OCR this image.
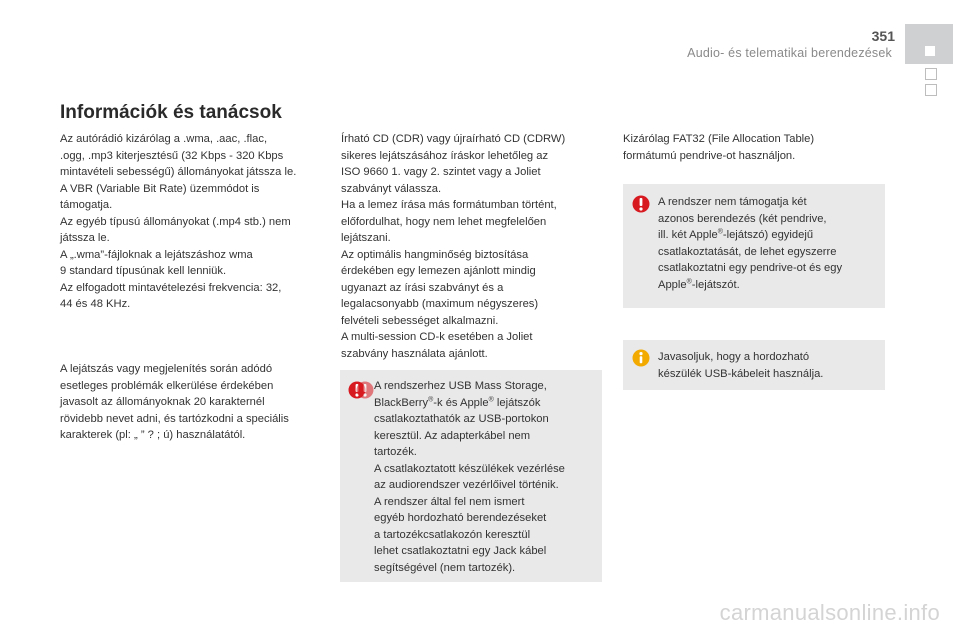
351
Audio- és telematikai berendezések
Információk és tanácsok

Az autórádió kizárólag a .wma, .aac, .flac,
.ogg, .mp3 kiterjesztésű (32 Kbps - 320 Kbps
mintavételi sebességű) állományokat játssza le.
A VBR (Variable Bit Rate) üzemmódot is
támogatja.
Az egyéb típusú állományokat (.mp4 stb.) nem
játssza le.
A „.wma”-fájloknak a lejátszáshoz wma
9 standard típusúnak kell lenniük.
Az elfogadott mintavételezési frekvencia: 32,
44 és 48 KHz.

A lejátszás vagy megjelenítés során adódó
esetleges problémák elkerülése érdekében
javasolt az állományoknak 20 karakternél
rövidebb nevet adni, és tartózkodni a speciális
karakterek (pl: „ ” ? ; ú) használatától.

Írható CD (CDR) vagy újraírható CD (CDRW)
sikeres lejátszásához íráskor lehetőleg az
ISO 9660 1. vagy 2. szintet vagy a Joliet
szabványt válassza.
Ha a lemez írása más formátumban történt,
előfordulhat, hogy nem lehet megfelelően
lejátszani.
Az optimális hangminőség biztosítása
érdekében egy lemezen ajánlott mindig
ugyanazt az írási szabványt és a
legalacsonyabb (maximum négyszeres)
felvételi sebességet alkalmazni.
A multi-session CD-k esetében a Joliet
szabvány használata ajánlott.

A rendszerhez USB Mass Storage,
BlackBerry®-k és Apple® lejátszók
csatlakoztathatók az USB-portokon
keresztül. Az adapterkábel nem
tartozék.
A csatlakoztatott készülékek vezérlése
az audiorendszer vezérlőivel történik.
A rendszer által fel nem ismert
egyéb hordozható berendezéseket
a tartozékcsatlakozón keresztül
lehet csatlakoztatni egy Jack kábel
segítségével (nem tartozék).

Kizárólag FAT32 (File Allocation Table)
formátumú pendrive-ot használjon.

A rendszer nem támogatja két
azonos berendezés (két pendrive,
ill. két Apple®-lejátszó) egyidejű
csatlakoztatását, de lehet egyszerre
csatlakoztatni egy pendrive-ot és egy
Apple®-lejátszót.
Javasoljuk, hogy a hordozható
készülék USB-kábeleit használja.
carmanualsonline.info
